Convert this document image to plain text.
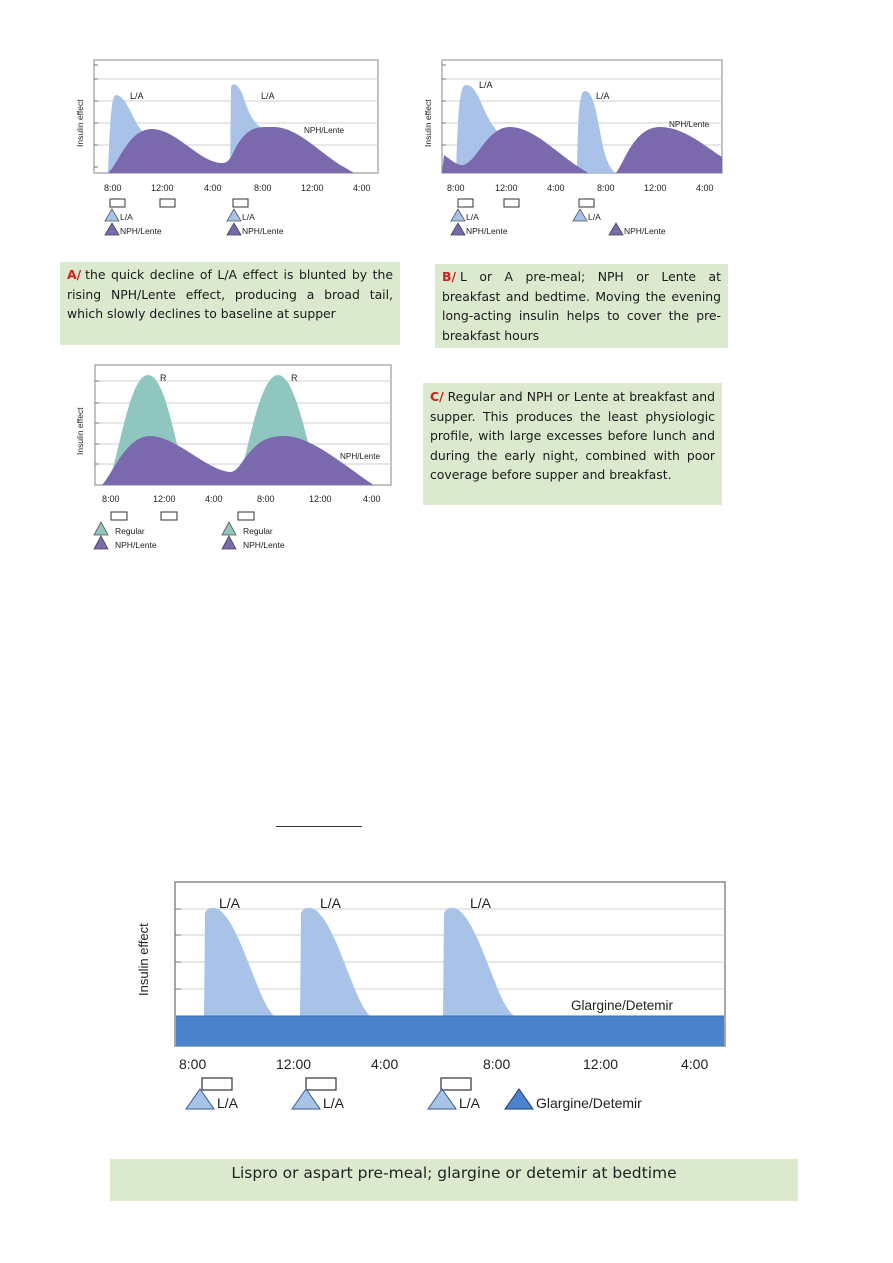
L/A	L/A
NPH/Lente
Insulin effect
8:00	12:00	4:00	8:00	12:00	4:00
L/A
NPH/Lente
L/A
NPH/Lente
L/A
L/A
NPH/Lente
Insulin effect
8:00	12:00	4:00	8:00	12:00	4:00
L/A
NPH/Lente
L/A
NPH/Lente
A/ the quick decline of L/A effect is blunted by the rising NPH/Lente effect, producing a broad tail, which slowly declines to baseline at supper
B/ L or A pre-meal; NPH or Lente at breakfast and bedtime. Moving the evening long-acting insulin helps to cover the pre-breakfast hours
R	R
NPH/Lente
Insulin effect
8:00	12:00	4:00	8:00	12:00	4:00
Regular
NPH/Lente
Regular
NPH/Lente
C/ Regular and NPH or Lente at breakfast and supper. This produces the least physiologic profile, with large excesses before lunch and during the early night, combined with poor coverage before supper and breakfast.
L/A	L/A	L/A
Glargine/Detemir
Insulin effect
8:00	12:00	4:00	8:00	12:00	4:00
L/A	L/A	L/A	Glargine/Detemir
Lispro or aspart pre-meal; glargine or detemir at bedtime
